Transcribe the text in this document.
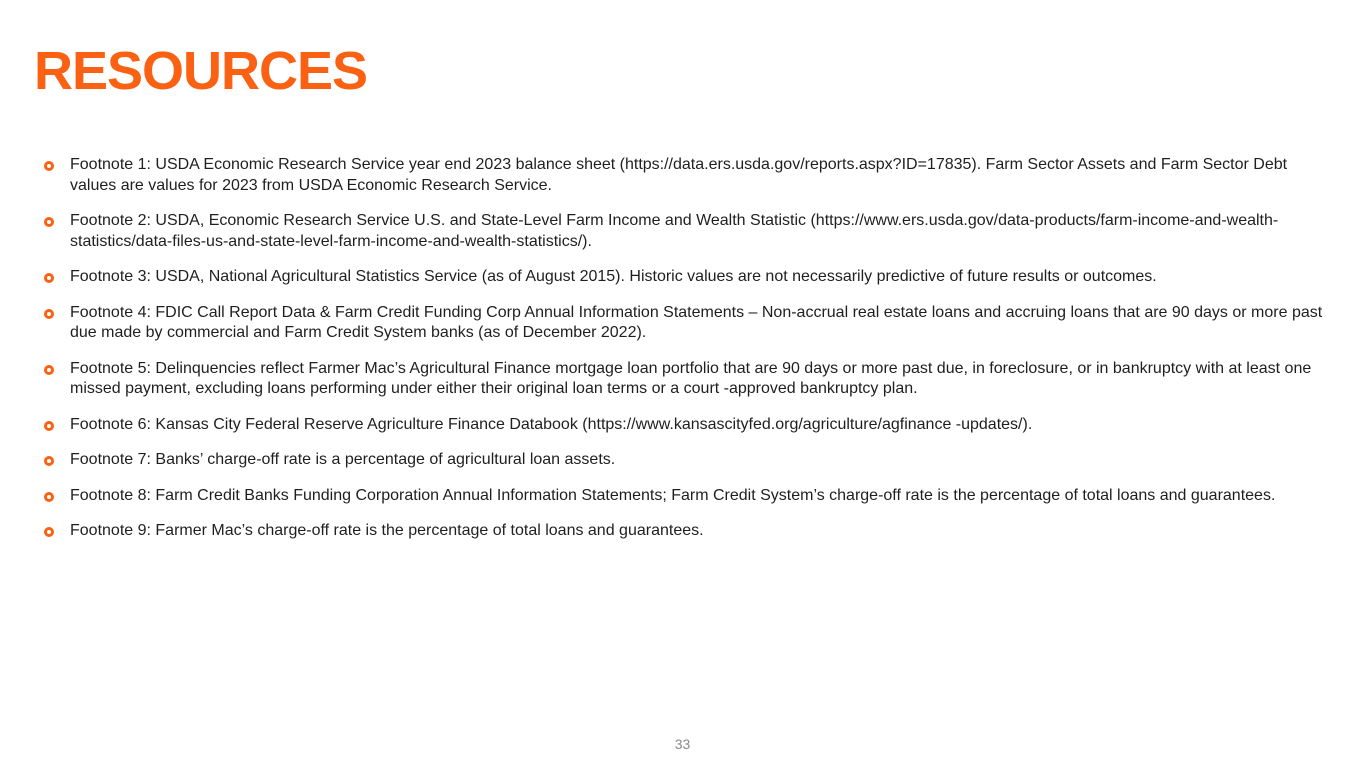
RESOURCES
Footnote 1: USDA Economic Research Service year end 2023 balance sheet (https://data.ers.usda.gov/reports.aspx?ID=17835). Farm Sector Assets and Farm Sector Debt values are values for 2023 from USDA Economic Research Service.
Footnote 2: USDA, Economic Research Service U.S. and State-Level Farm Income and Wealth Statistic (https://www.ers.usda.gov/data-products/farm-income-and-wealth-statistics/data-files-us-and-state-level-farm-income-and-wealth-statistics/).
Footnote 3: USDA, National Agricultural Statistics Service (as of August 2015). Historic values are not necessarily predictive of future results or outcomes.
Footnote 4: FDIC Call Report Data & Farm Credit Funding Corp Annual Information Statements – Non-accrual real estate loans and accruing loans that are 90 days or more past due made by commercial and Farm Credit System banks (as of December 2022).
Footnote 5: Delinquencies reflect Farmer Mac’s Agricultural Finance mortgage loan portfolio that are 90 days or more past due, in foreclosure, or in bankruptcy with at least one missed payment, excluding loans performing under either their original loan terms or a court -approved bankruptcy plan.
Footnote 6: Kansas City Federal Reserve Agriculture Finance Databook (https://www.kansascityfed.org/agriculture/agfinance -updates/).
Footnote 7: Banks’ charge-off rate is a percentage of agricultural loan assets.
Footnote 8: Farm Credit Banks Funding Corporation Annual Information Statements; Farm Credit System’s charge-off rate is the percentage of total loans and guarantees.
Footnote 9: Farmer Mac’s charge-off rate is the percentage of total loans and guarantees.
33
